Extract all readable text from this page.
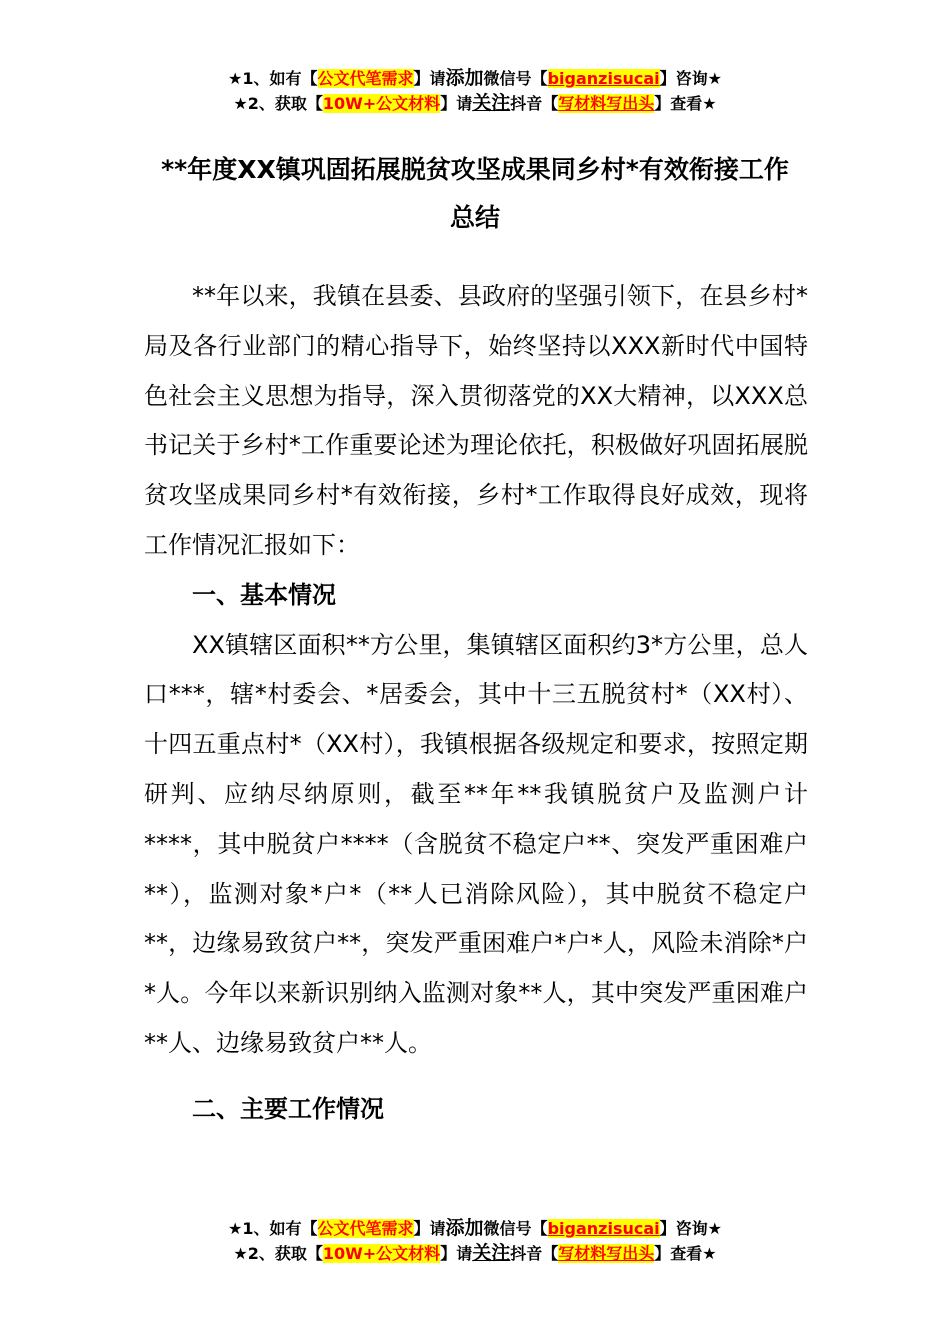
★1、如有【公文代笔需求】请添加微信号【biganzisucai】咨询★
★2、获取【10W+公文材料】请关注抖音【写材料写出头】查看★
**年度XX镇巩固拓展脱贫攻坚成果同乡村*有效衔接工作
总结

**年以来，我镇在县委、县政府的坚强引领下，在县乡村*局及各行业部门的精心指导下，始终坚持以XXX新时代中国特色社会主义思想为指导，深入贯彻落党的XX大精神，以XXX总书记关于乡村*工作重要论述为理论依托，积极做好巩固拓展脱贫攻坚成果同乡村*有效衔接，乡村*工作取得良好成效，现将工作情况汇报如下：

一、基本情况

XX镇辖区面积**方公里，集镇辖区面积约3*方公里，总人口***，辖*村委会、*居委会，其中十三五脱贫村*（XX村）、十四五重点村*（XX村），我镇根据各级规定和要求，按照定期研判、应纳尽纳原则，截至**年**我镇脱贫户及监测户计****，其中脱贫户****（含脱贫不稳定户**、突发严重困难户**），监测对象*户*（**人已消除风险），其中脱贫不稳定户**，边缘易致贫户**，突发严重困难户*户*人，风险未消除*户*人。今年以来新识别纳入监测对象**人，其中突发严重困难户**人、边缘易致贫户**人。

二、主要工作情况
★1、如有【公文代笔需求】请添加微信号【biganzisucai】咨询★
★2、获取【10W+公文材料】请关注抖音【写材料写出头】查看★
